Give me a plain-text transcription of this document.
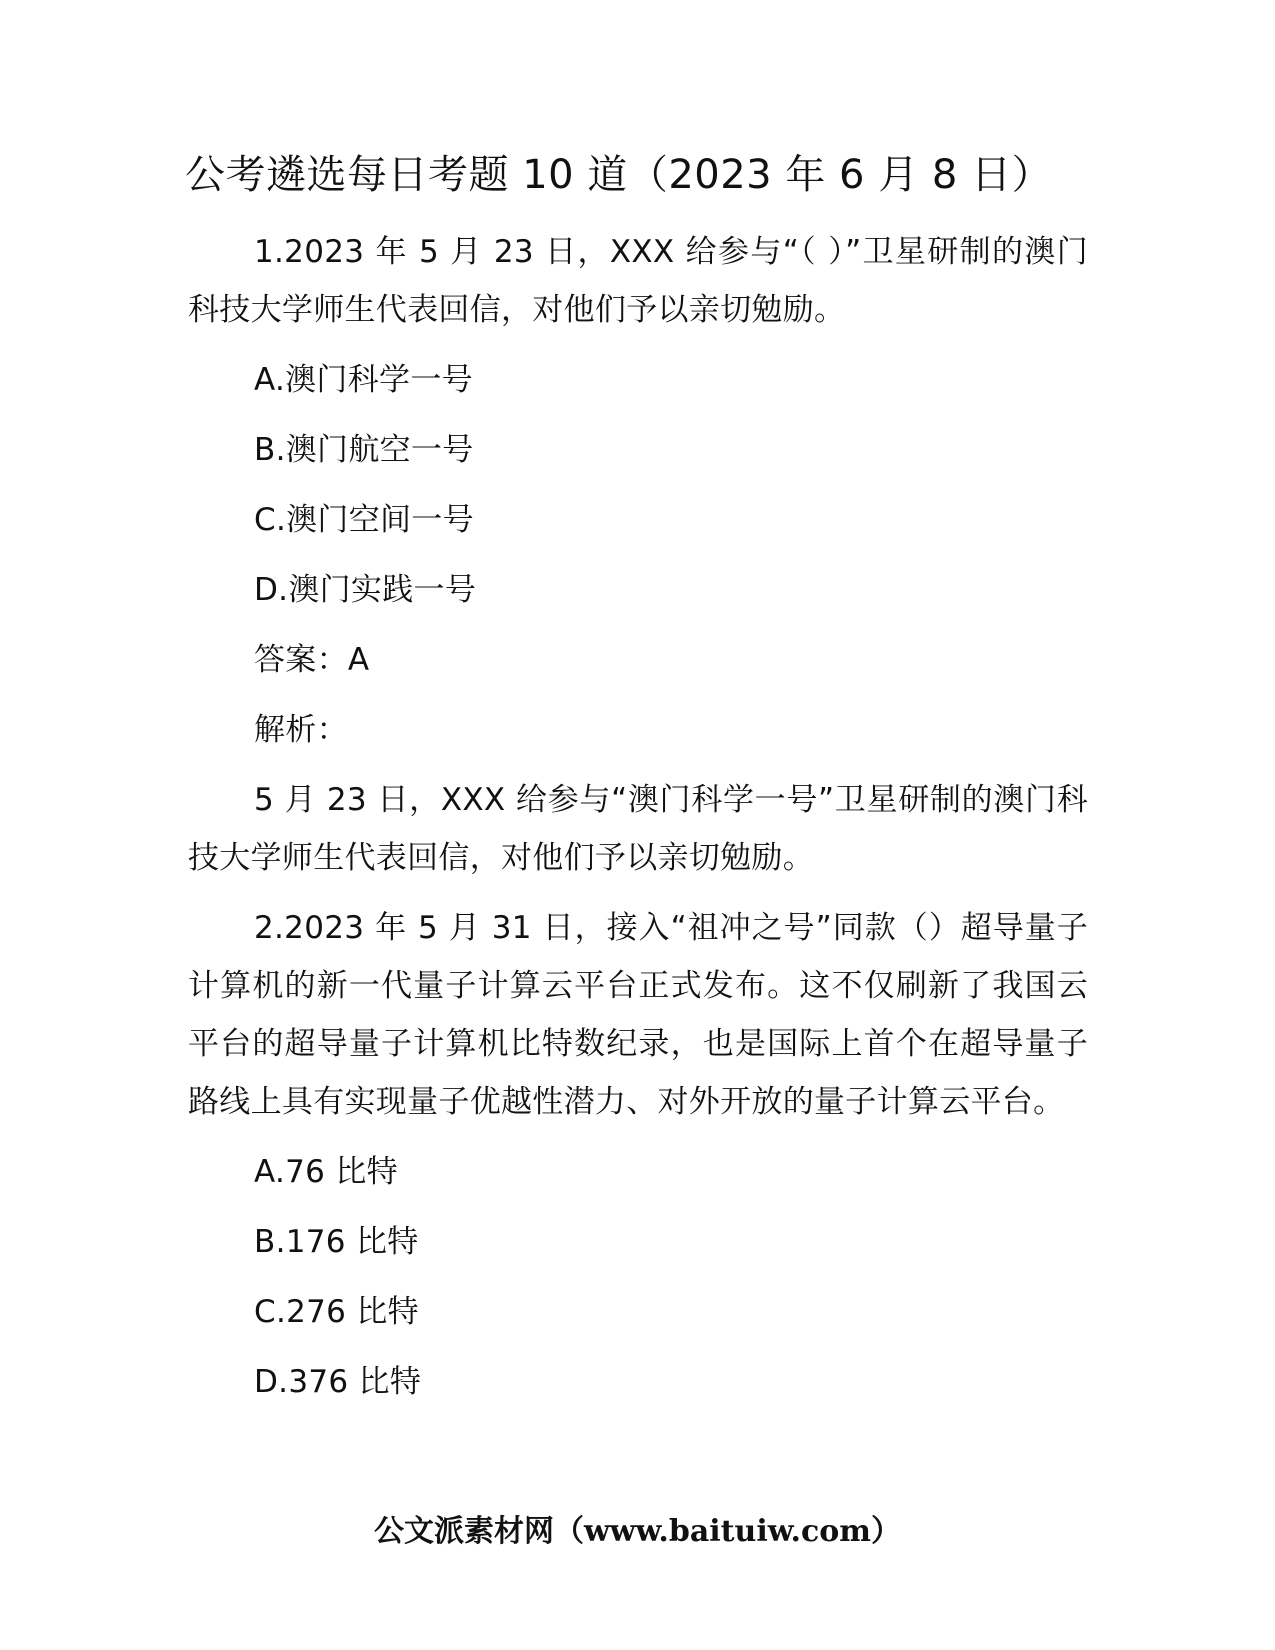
公考遴选每日考题 10 道（2023 年 6 月 8 日）

1.2023 年 5 月 23 日，XXX 给参与“（ ）”卫星研制的澳门科技大学师生代表回信，对他们予以亲切勉励。

A.澳门科学一号
B.澳门航空一号
C.澳门空间一号
D.澳门实践一号
答案：A
解析：

5 月 23 日，XXX 给参与“澳门科学一号”卫星研制的澳门科技大学师生代表回信，对他们予以亲切勉励。

2.2023 年 5 月 31 日，接入“祖冲之号”同款（）超导量子计算机的新一代量子计算云平台正式发布。这不仅刷新了我国云平台的超导量子计算机比特数纪录，也是国际上首个在超导量子路线上具有实现量子优越性潜力、对外开放的量子计算云平台。

A.76 比特
B.176 比特
C.276 比特
D.376 比特
公文派素材网（www.baituiw.com）
